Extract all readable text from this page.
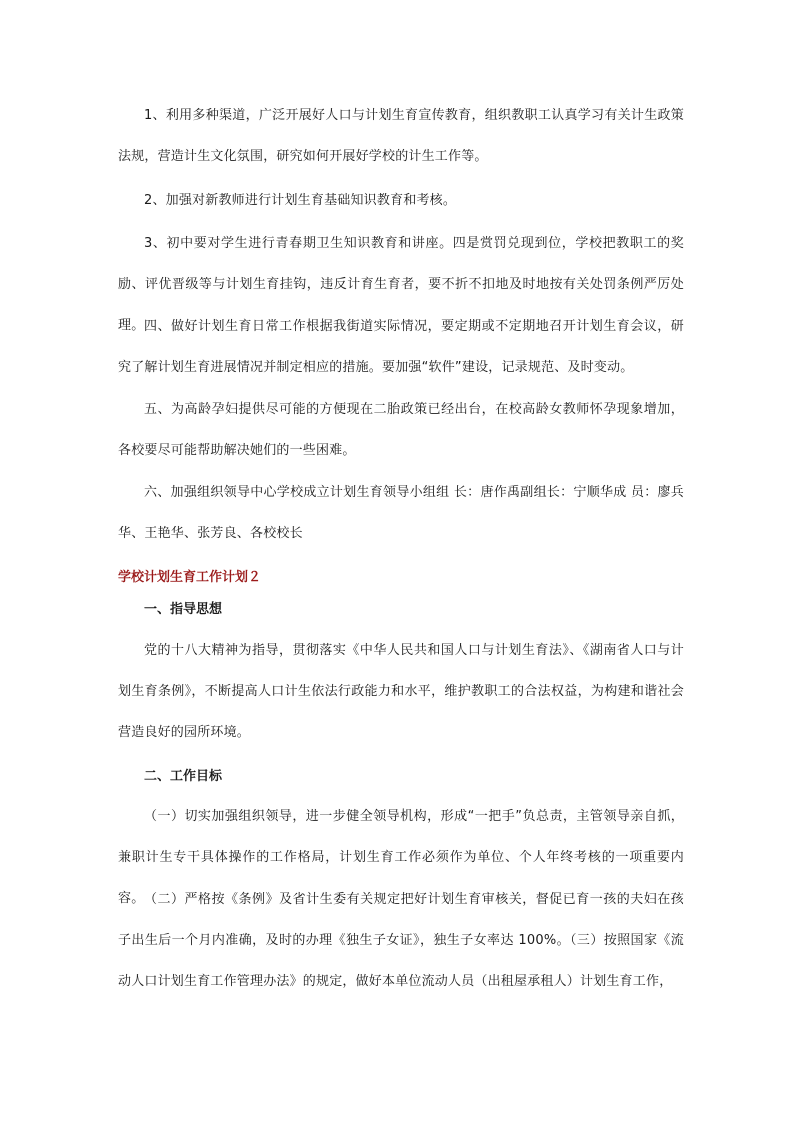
1、利用多种渠道，广泛开展好人口与计划生育宣传教育，组织教职工认真学习有关计生政策法规，营造计生文化氛围，研究如何开展好学校的计生工作等。

2、加强对新教师进行计划生育基础知识教育和考核。

3、初中要对学生进行青春期卫生知识教育和讲座。四是赏罚兑现到位，学校把教职工的奖励、评优晋级等与计划生育挂钩，违反计育生育者，要不折不扣地及时地按有关处罚条例严厉处理。 四、做好计划生育日常工作根据我街道实际情况，要定期或不定期地召开计划生育会议，研究了解计划生育进展情况并制定相应的措施。要加强“软件”建设，记录规范、及时变动。

五、为高龄孕妇提供尽可能的方便现在二胎政策已经出台，在校高龄女教师怀孕现象增加，各校要尽可能帮助解决她们的一些困难。

六、加强组织领导中心学校成立计划生育领导小组组 长：唐作禹副组长：宁顺华成 员：廖兵华、王艳华、张芳良、各校校长

学校计划生育工作计划２
一、指导思想

党的十八大精神为指导，贯彻落实《中华人民共和国人口与计划生育法》、《湖南省人口与计划生育条例》，不断提高人口计生依法行政能力和水平，维护教职工的合法权益，为构建和谐社会营造良好的园所环境。

二、工作目标

（一）切实加强组织领导，进一步健全领导机构，形成“一把手”负总责，主管领导亲自抓，兼职计生专干具体操作的工作格局，计划生育工作必须作为单位、个人年终考核的一项重要内容。 （二）严格按《条例》及省计生委有关规定把好计划生育审核关，督促已育一孩的夫妇在孩子出生后一个月内准确，及时的办理《独生子女证》，独生子女率达 100%。（三）按照国家《流动人口计划生育工作管理办法》的规定，做好本单位流动人员（出租屋承租人）计划生育工作，
